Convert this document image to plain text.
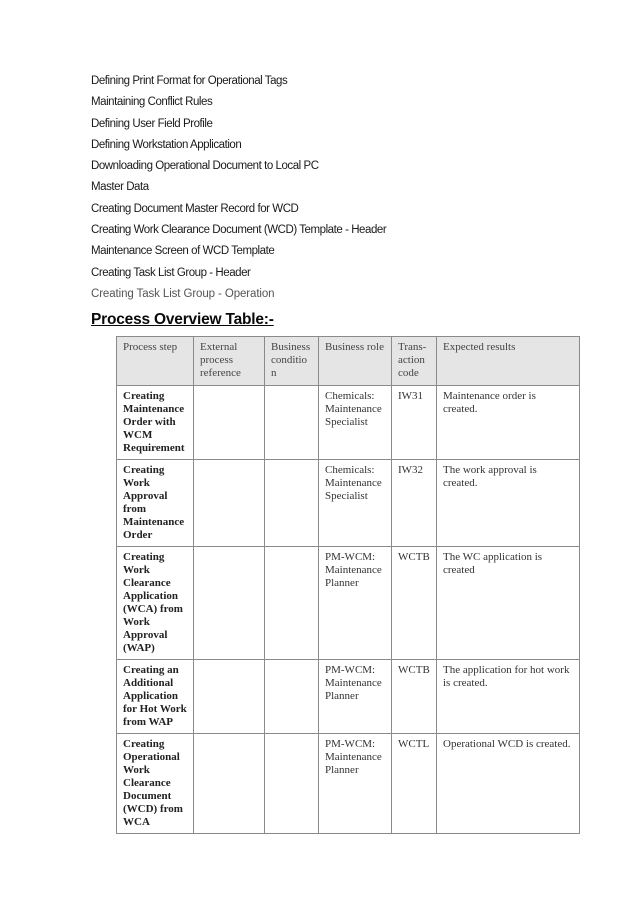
Defining Print Format for Operational Tags
Maintaining Conflict Rules
Defining User Field Profile
Defining Workstation Application
Downloading Operational Document to Local PC
Master Data
Creating Document Master Record for WCD
Creating Work Clearance Document (WCD) Template - Header
Maintenance Screen of WCD Template
Creating Task List Group - Header
Creating Task List Group - Operation
Process Overview Table:-
Process step	External process reference	Business condition	Business role	Trans- action code	Expected results
Creating Maintenance Order with WCM Requirement			Chemicals: Maintenance Specialist	IW31	Maintenance order is created.
Creating Work Approval from Maintenance Order			Chemicals: Maintenance Specialist	IW32	The work approval is created.
Creating Work Clearance Application (WCA) from Work Approval (WAP)			PM-WCM: Maintenance Planner	WCTB	The WC application is created
Creating an Additional Application for Hot Work from WAP			PM-WCM: Maintenance Planner	WCTB	The application for hot work is created.
Creating Operational Work Clearance Document (WCD) from WCA			PM-WCM: Maintenance Planner	WCTL	Operational WCD is created.
